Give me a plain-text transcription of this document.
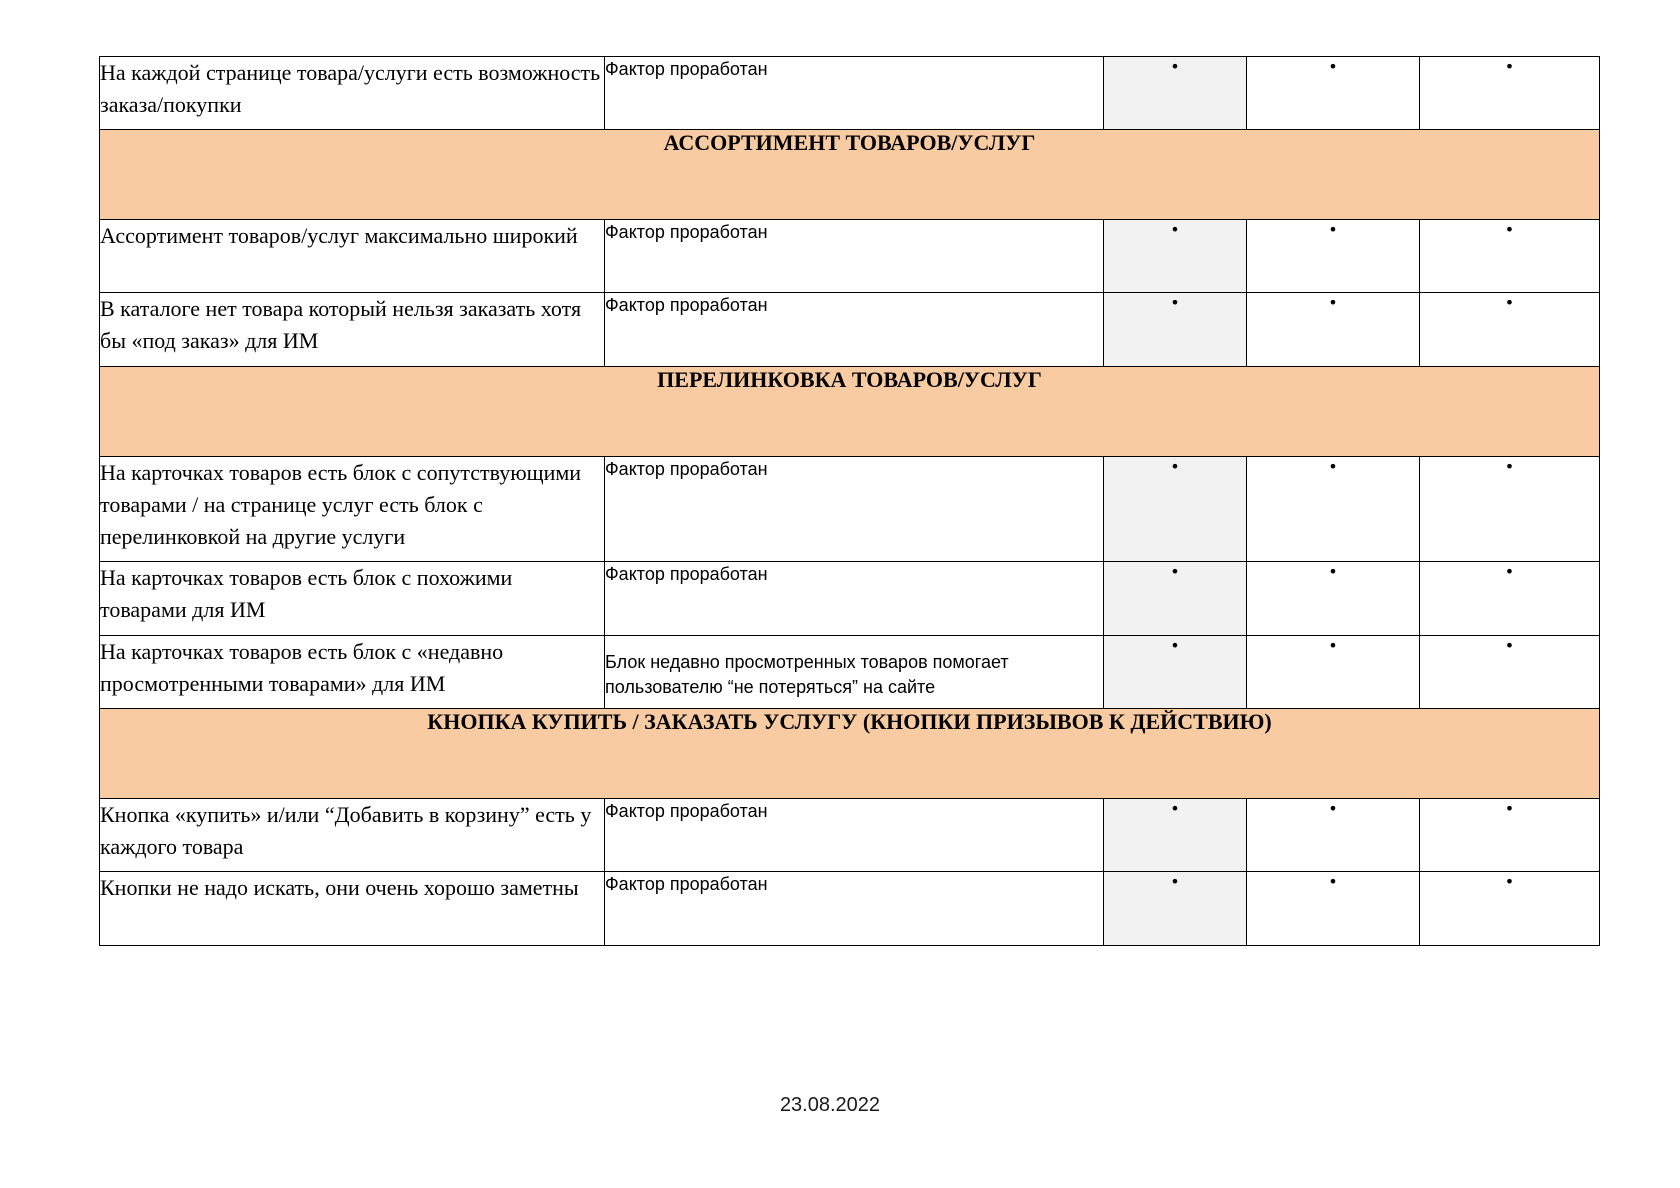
На каждой странице товара/услуги есть возможность заказа/покупки	Фактор проработан	•	•	•
АССОРТИМЕНТ ТОВАРОВ/УСЛУГ				
Ассортимент товаров/услуг максимально широкий	Фактор проработан	•	•	•
В каталоге нет товара который нельзя заказать хотя бы «под заказ» для ИМ	Фактор проработан	•	•	•
ПЕРЕЛИНКОВКА ТОВАРОВ/УСЛУГ				
На карточках товаров есть блок с сопутствующими товарами / на странице услуг есть блок с перелинковкой на другие услуги	Фактор проработан	•	•	•
На карточках товаров есть блок с похожими товарами для ИМ	Фактор проработан	•	•	•
На карточках товаров есть блок с «недавно просмотренными товарами» для ИМ	Блок недавно просмотренных товаров помогает пользователю “не потеряться” на сайте	•	•	•
КНОПКА КУПИТЬ / ЗАКАЗАТЬ УСЛУГУ (КНОПКИ ПРИЗЫВОВ К ДЕЙСТВИЮ)				
Кнопка «купить» и/или “Добавить в корзину” есть у каждого товара	Фактор проработан	•	•	•
Кнопки не надо искать, они очень хорошо заметны	Фактор проработан	•	•	•
23.08.2022
